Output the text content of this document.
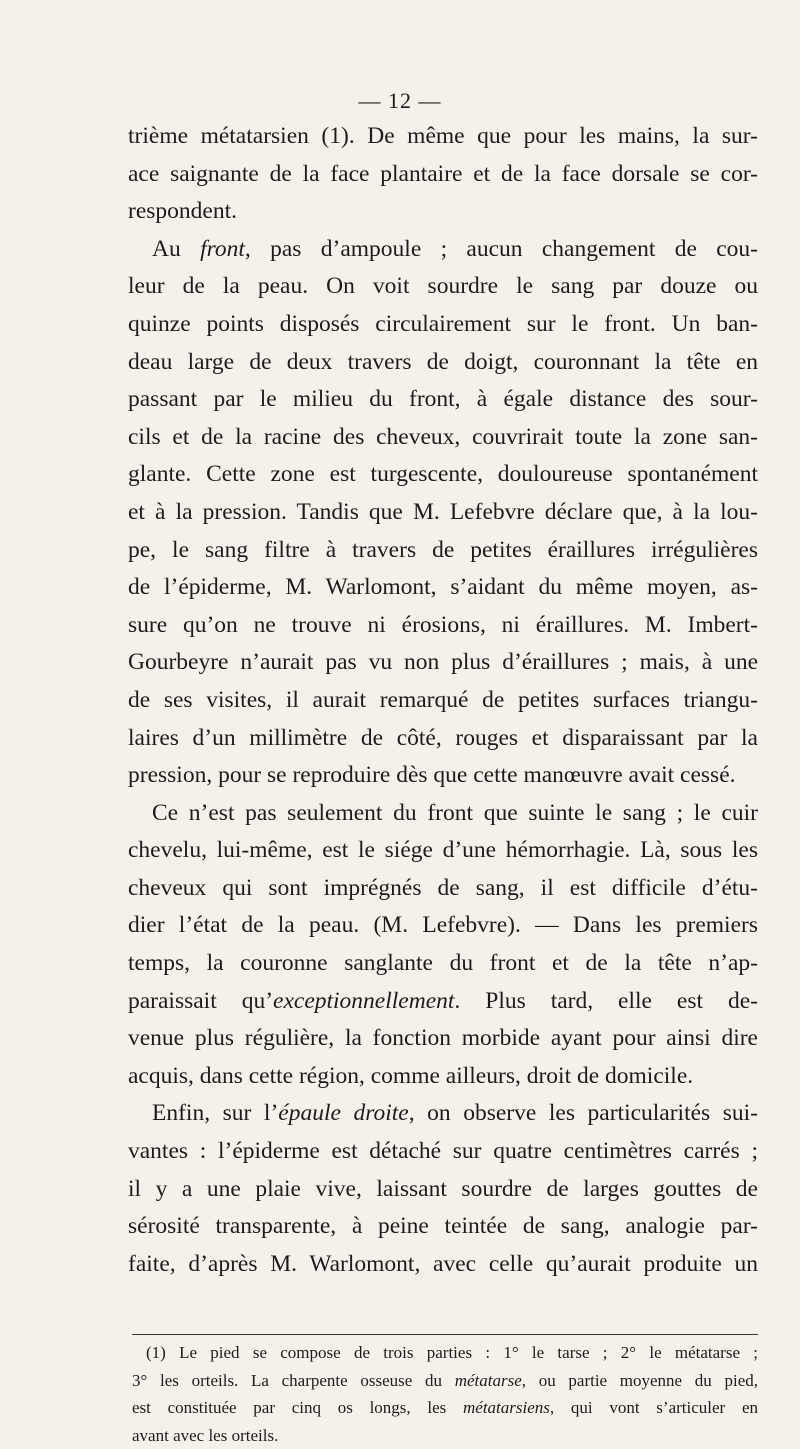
— 12 —
trième métatarsien (1). De même que pour les mains, la sur-
ace saignante de la face plantaire et de la face dorsale se cor-
respondent.
Au front, pas d’ampoule ; aucun changement de cou-
leur de la peau. On voit sourdre le sang par douze ou
quinze points disposés circulairement sur le front. Un ban-
deau large de deux travers de doigt, couronnant la tête en
passant par le milieu du front, à égale distance des sour-
cils et de la racine des cheveux, couvrirait toute la zone san-
glante. Cette zone est turgescente, douloureuse spontanément
et à la pression. Tandis que M. Lefebvre déclare que, à la lou-
pe, le sang filtre à travers de petites éraillures irrégulières
de l’épiderme, M. Warlomont, s’aidant du même moyen, as-
sure qu’on ne trouve ni érosions, ni éraillures. M. Imbert-
Gourbeyre n’aurait pas vu non plus d’éraillures ; mais, à une
de ses visites, il aurait remarqué de petites surfaces triangu-
laires d’un millimètre de côté, rouges et disparaissant par la
pression, pour se reproduire dès que cette manœuvre avait cessé.
Ce n’est pas seulement du front que suinte le sang ; le cuir
chevelu, lui-même, est le siége d’une hémorrhagie. Là, sous les
cheveux qui sont imprégnés de sang, il est difficile d’étu-
dier l’état de la peau. (M. Lefebvre). — Dans les premiers
temps, la couronne sanglante du front et de la tête n’ap-
paraissait qu’exceptionnellement. Plus tard, elle est de-
venue plus régulière, la fonction morbide ayant pour ainsi dire
acquis, dans cette région, comme ailleurs, droit de domicile.
Enfin, sur l’épaule droite, on observe les particularités sui-
vantes : l’épiderme est détaché sur quatre centimètres carrés ;
il y a une plaie vive, laissant sourdre de larges gouttes de
sérosité transparente, à peine teintée de sang, analogie par-
faite, d’après M. Warlomont, avec celle qu’aurait produite un
(1) Le pied se compose de trois parties : 1° le tarse ; 2° le métatarse ;
3° les orteils. La charpente osseuse du métatarse, ou partie moyenne du pied,
est constituée par cinq os longs, les métatarsiens, qui vont s’articuler en
avant avec les orteils.
